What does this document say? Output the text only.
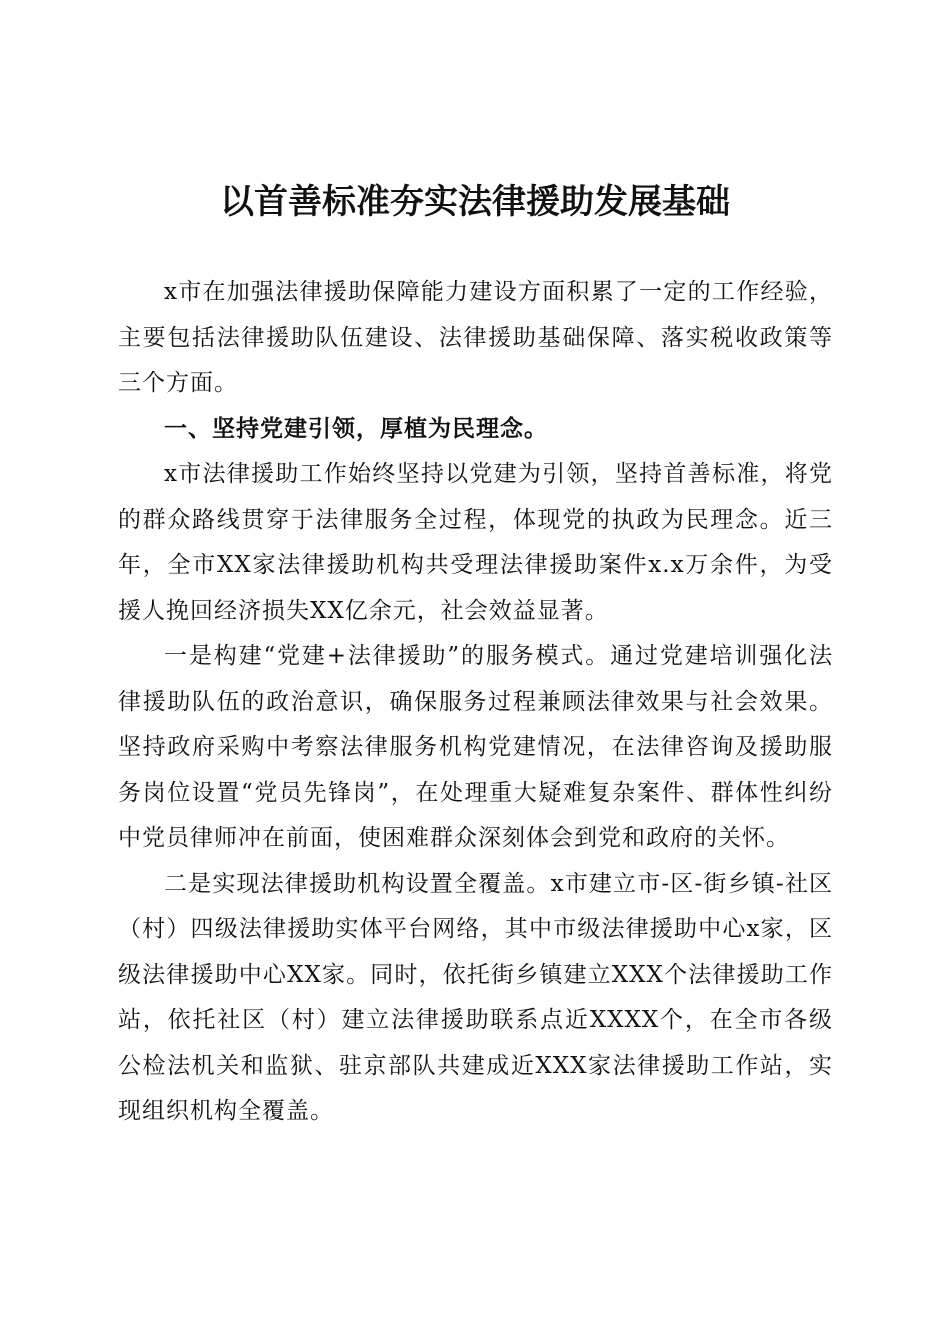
以首善标准夯实法律援助发展基础

x市在加强法律援助保障能力建设方面积累了一定的工作经验，主要包括法律援助队伍建设、法律援助基础保障、落实税收政策等三个方面。

一、坚持党建引领，厚植为民理念。

x市法律援助工作始终坚持以党建为引领，坚持首善标准，将党的群众路线贯穿于法律服务全过程，体现党的执政为民理念。近三年，全市XX家法律援助机构共受理法律援助案件x.x万余件，为受援人挽回经济损失XX亿余元，社会效益显著。

一是构建“党建+法律援助”的服务模式。通过党建培训强化法律援助队伍的政治意识，确保服务过程兼顾法律效果与社会效果。坚持政府采购中考察法律服务机构党建情况，在法律咨询及援助服务岗位设置“党员先锋岗”，在处理重大疑难复杂案件、群体性纠纷中党员律师冲在前面，使困难群众深刻体会到党和政府的关怀。

二是实现法律援助机构设置全覆盖。x市建立市-区-街乡镇-社区（村）四级法律援助实体平台网络，其中市级法律援助中心x家，区级法律援助中心XX家。同时，依托街乡镇建立XXX个法律援助工作站，依托社区（村）建立法律援助联系点近XXXX个，在全市各级公检法机关和监狱、驻京部队共建成近XXX家法律援助工作站，实现组织机构全覆盖。
